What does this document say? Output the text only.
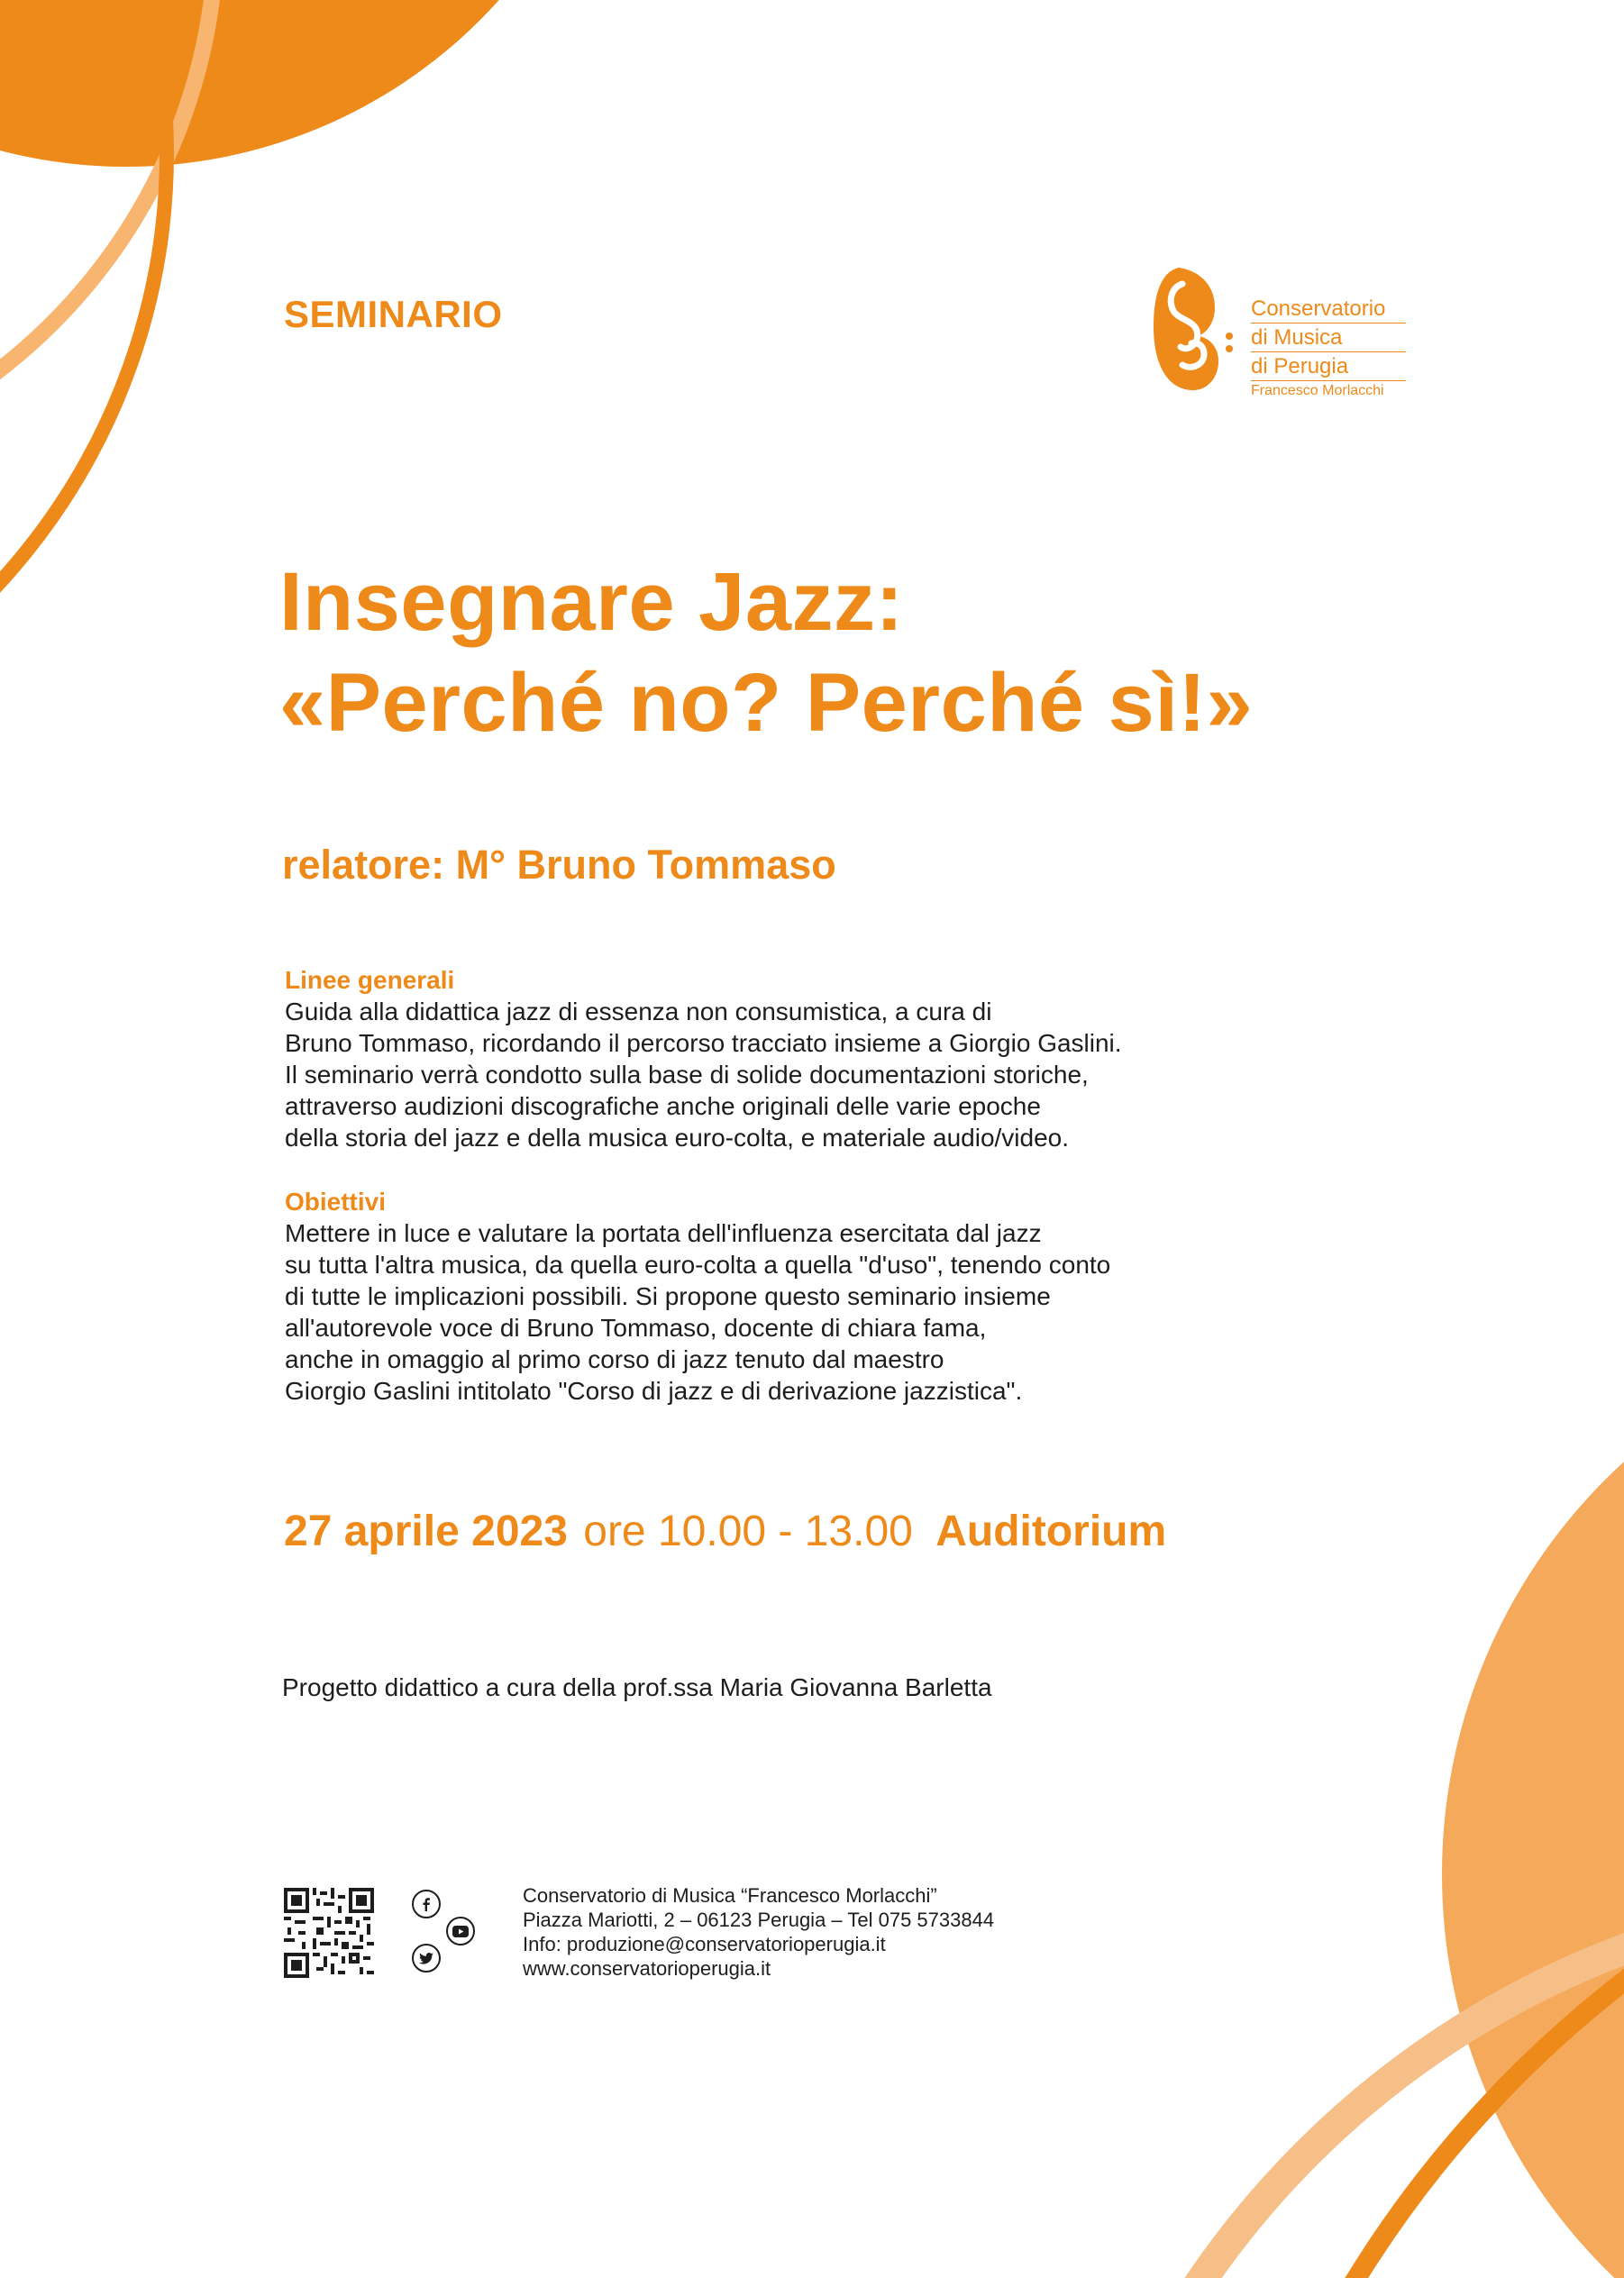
SEMINARIO	Conservatorio
di Musica
di Perugia
Francesco Morlacchi
Insegnare Jazz:
«Perché no? Perché sì!»
relatore: M° Bruno Tommaso
Linee generali

Guida alla didattica jazz di essenza non consumistica, a cura di
Bruno Tommaso, ricordando il percorso tracciato insieme a Giorgio Gaslini.
Il seminario verrà condotto sulla base di solide documentazioni storiche,
attraverso audizioni discografiche anche originali delle varie epoche
della storia del jazz e della musica euro-colta, e materiale audio/video.

Obiettivi

Mettere in luce e valutare la portata dell'influenza esercitata dal jazz
su tutta l'altra musica, da quella euro-colta a quella "d'uso", tenendo conto
di tutte le implicazioni possibili. Si propone questo seminario insieme
all'autorevole voce di Bruno Tommaso, docente di chiara fama,
anche in omaggio al primo corso di jazz tenuto dal maestro
Giorgio Gaslini intitolato "Corso di jazz e di derivazione jazzistica".

27 aprile 2023 ore 10.00 - 13.00 Auditorium
Progetto didattico a cura della prof.ssa Maria Giovanna Barletta
Conservatorio di Musica “Francesco Morlacchi”
Piazza Mariotti, 2 – 06123 Perugia – Tel 075 5733844
Info: produzione@conservatorioperugia.it
www.conservatorioperugia.it
